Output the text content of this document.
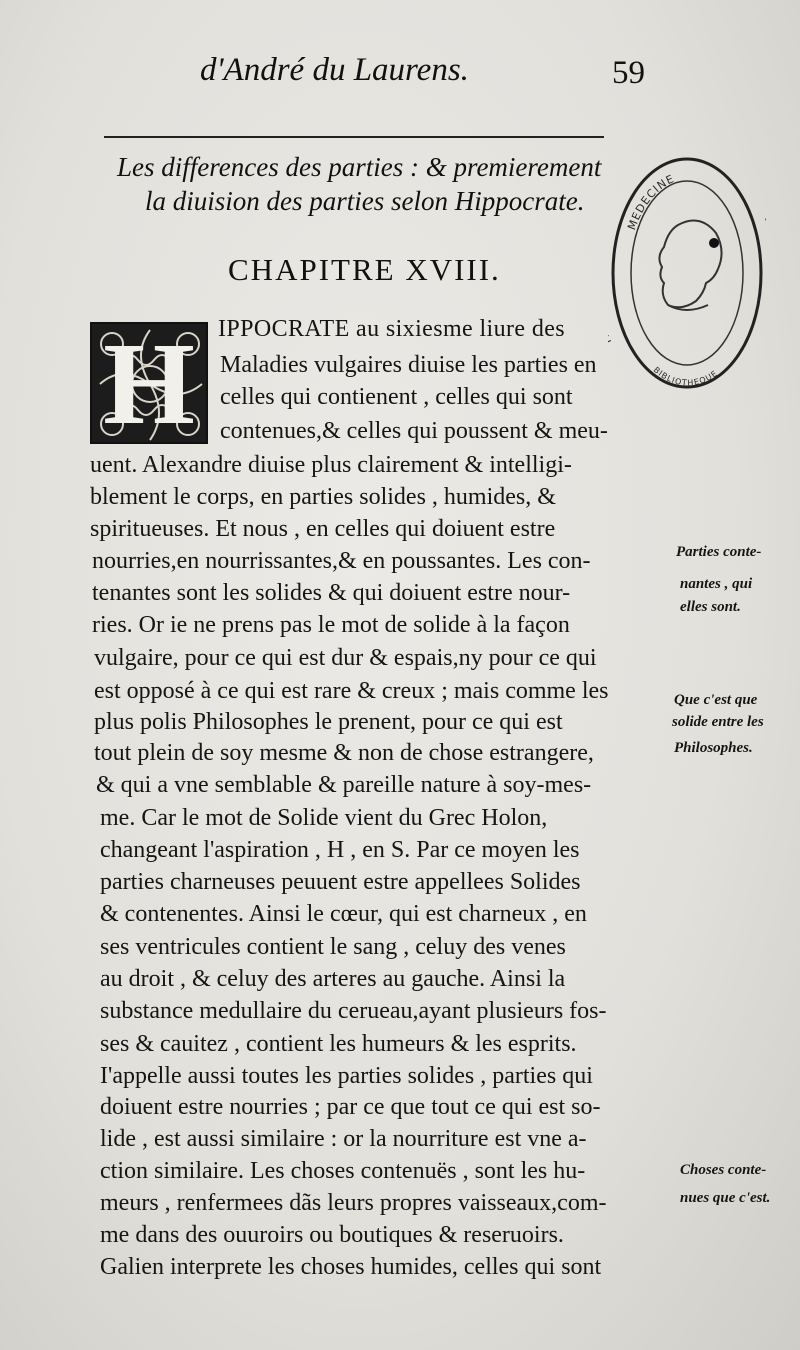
d'André du Laurens.	59
Les differences des parties : & premierement
la diuision des parties selon Hippocrate.
CHAPITRE XVIII.
H IPPOCRATE au sixiesme liure des
Maladies vulgaires diuise les parties en
celles qui contienent , celles qui sont
contenues,& celles qui poussent & meu-
uent. Alexandre diuise plus clairement & intelligi-
blement le corps, en parties solides , humides, &
spiritueuses. Et nous , en celles qui doiuent estre
nourries,en nourrissantes,& en poussantes. Les con-
tenantes sont les solides & qui doiuent estre nour-
ries. Or ie ne prens pas le mot de solide à la façon
vulgaire, pour ce qui est dur & espais,ny pour ce qui
est opposé à ce qui est rare & creux ; mais comme les
plus polis Philosophes le prenent, pour ce qui est
tout plein de soy mesme & non de chose estrangere,
& qui a vne semblable & pareille nature à soy-mes-
me. Car le mot de Solide vient du Grec Holon,
changeant l'aspiration , H , en S. Par ce moyen les
parties charneuses peuuent estre appellees Solides
& contenentes. Ainsi le cœur, qui est charneux , en
ses ventricules contient le sang , celuy des venes
au droit , & celuy des arteres au gauche. Ainsi la
substance medullaire du cerueau,ayant plusieurs fos-
ses & cauitez , contient les humeurs & les esprits.
I'appelle aussi toutes les parties solides , parties qui
doiuent estre nourries ; par ce que tout ce qui est so-
lide , est aussi similaire : or la nourriture est vne a-
ction similaire. Les choses contenuës , sont les hu-
meurs , renfermees dãs leurs propres vaisseaux,com-
me dans des ouuroirs ou boutiques & reseruoirs.
Galien interprete les choses humides, celles qui sont
Parties conte-
nantes , qui
elles sont.
Que c'est que
solide entre les
Philosophes.
Choses conte-
nues que c'est.
MEDECINE
BIBLIOTHEQUE
